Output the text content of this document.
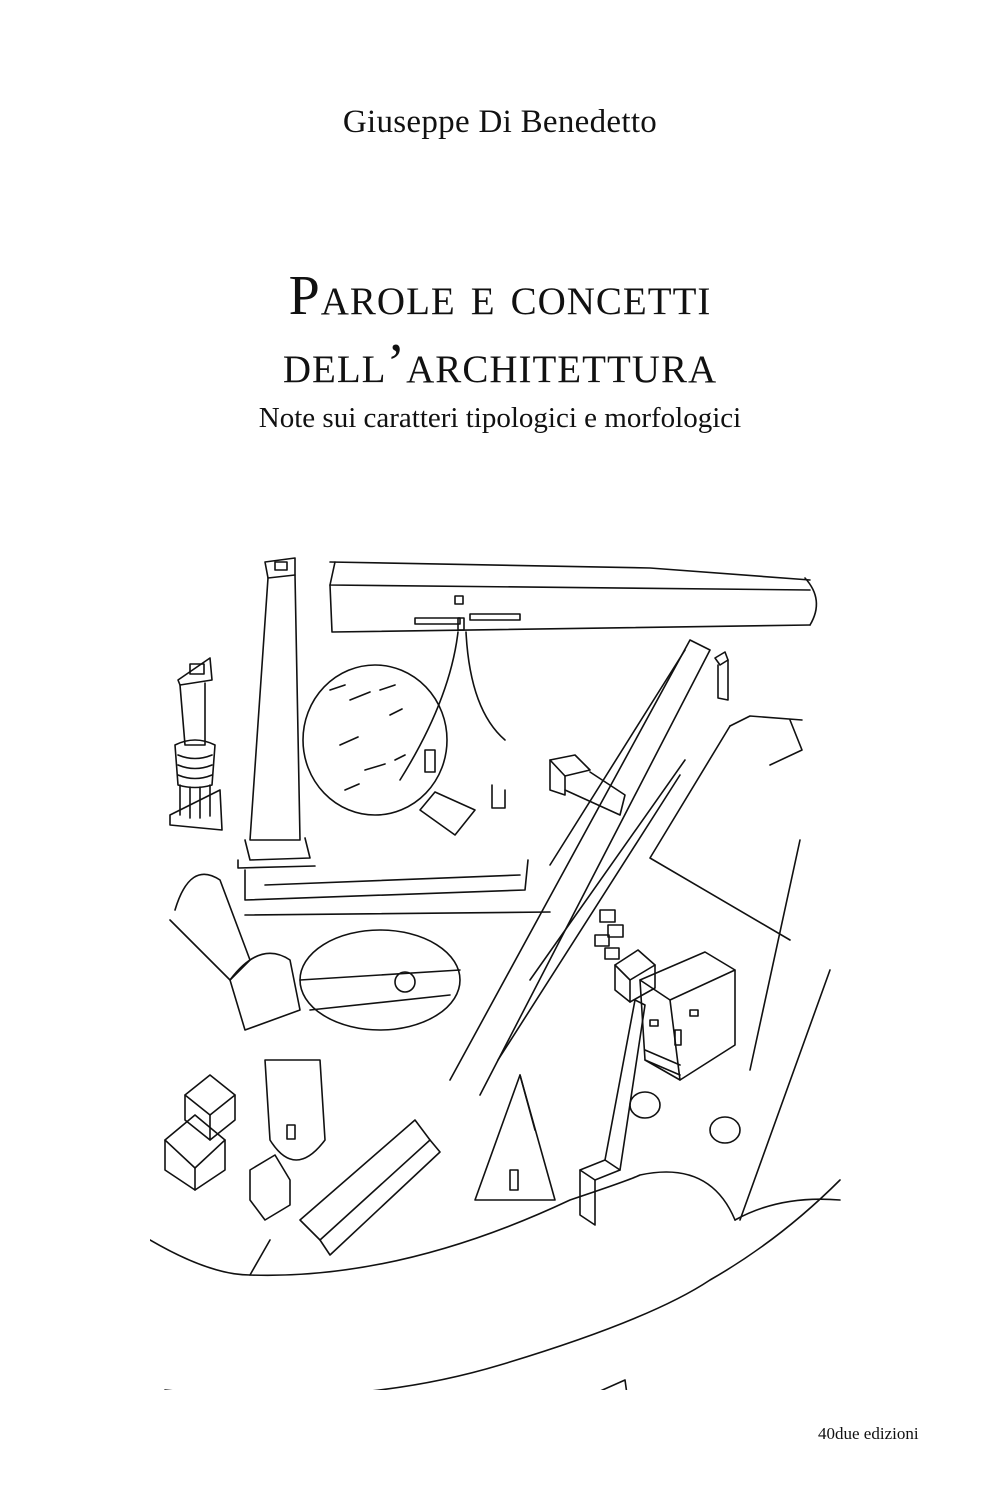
Giuseppe Di Benedetto
Parole e concetti
dell’architettura
Note sui caratteri tipologici e morfologici
40due edizioni
